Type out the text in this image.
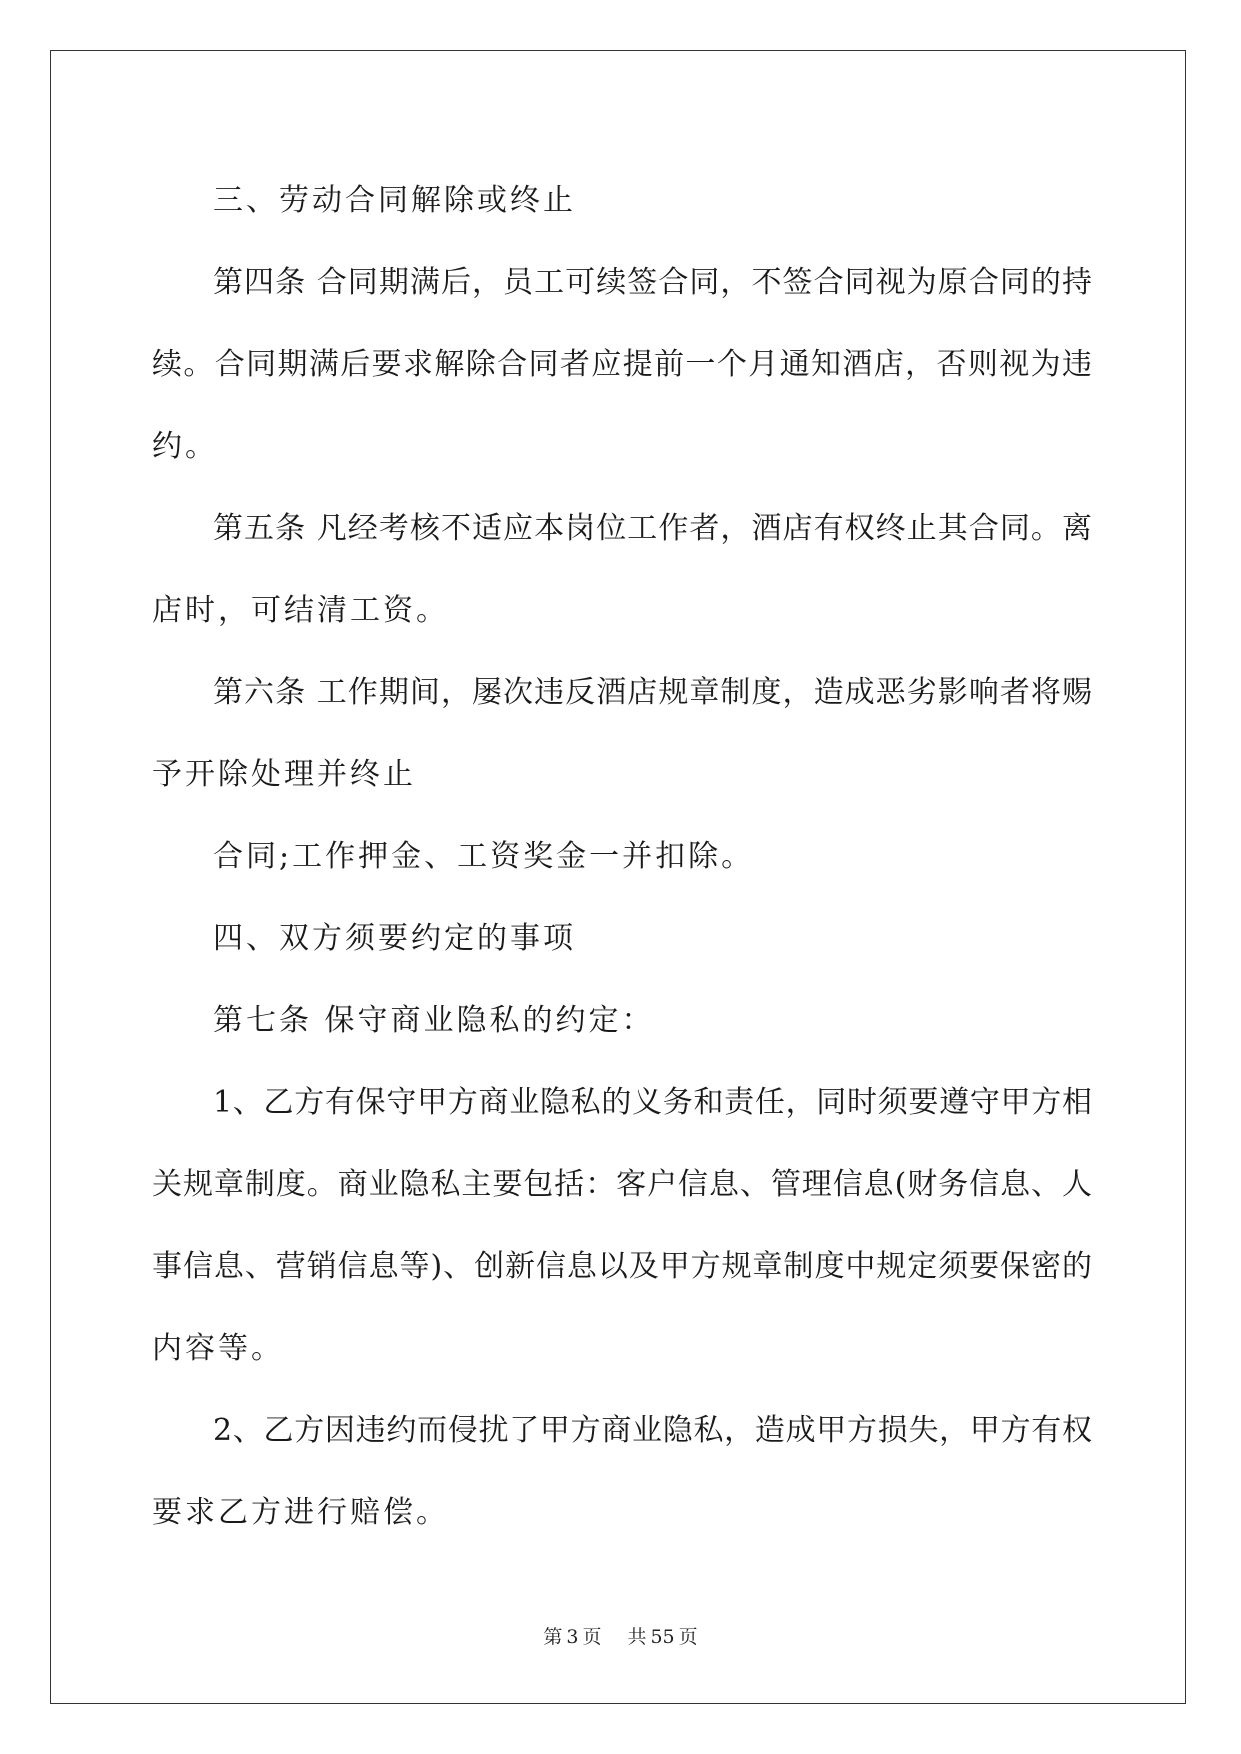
三、劳动合同解除或终止
第四条 合同期满后，员工可续签合同，不签合同视为原合同的持
续。合同期满后要求解除合同者应提前一个月通知酒店，否则视为违
约。
第五条 凡经考核不适应本岗位工作者，酒店有权终止其合同。离
店时，可结清工资。
第六条 工作期间，屡次违反酒店规章制度，造成恶劣影响者将赐
予开除处理并终止
合同;工作押金、工资奖金一并扣除。
四、双方须要约定的事项
第七条 保守商业隐私的约定：
1、乙方有保守甲方商业隐私的义务和责任，同时须要遵守甲方相
关规章制度。商业隐私主要包括：客户信息、管理信息(财务信息、人
事信息、营销信息等)、创新信息以及甲方规章制度中规定须要保密的
内容等。
2、乙方因违约而侵扰了甲方商业隐私，造成甲方损失，甲方有权
要求乙方进行赔偿。
第 3 页 共 55 页
